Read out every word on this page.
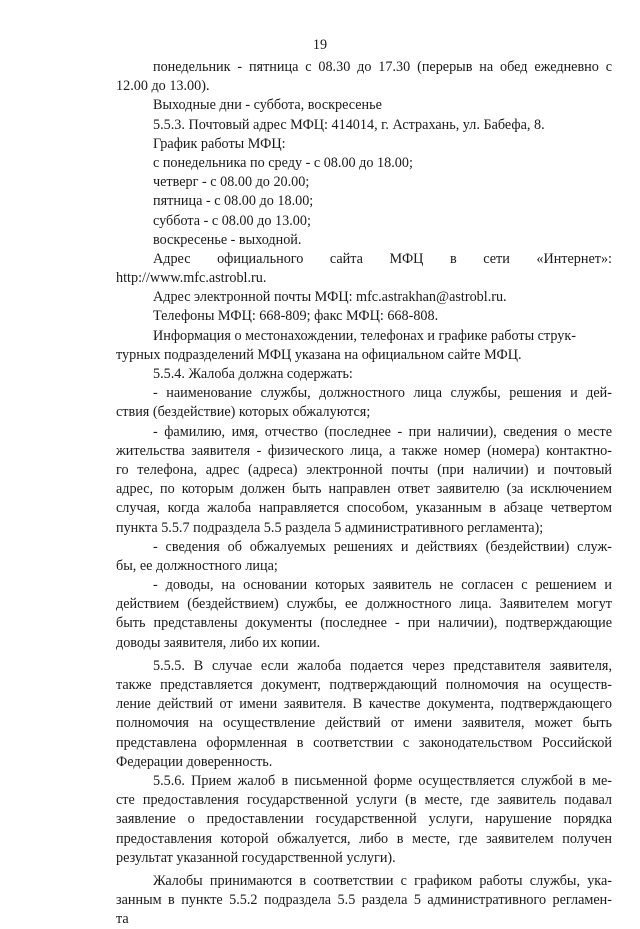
19
понедельник - пятница с 08.30 до 17.30 (перерыв на обед ежедневно с
12.00 до 13.00).
Выходные дни - суббота, воскресенье
5.5.3. Почтовый адрес МФЦ: 414014, г. Астрахань, ул. Бабефа, 8.
График работы МФЦ:
с понедельника по среду - с 08.00 до 18.00;
четверг - с 08.00 до 20.00;
пятница - с 08.00 до 18.00;
суббота - с 08.00 до 13.00;
воскресенье - выходной.
Адрес официального сайта МФЦ в сети «Интернет»:
http://www.mfc.astrobl.ru.
Адрес электронной почты МФЦ: mfc.astrakhan@astrobl.ru.
Телефоны МФЦ: 668-809; факс МФЦ: 668-808.
Информация о местонахождении, телефонах и графике работы струк-
турных подразделений МФЦ указана на официальном сайте МФЦ.
5.5.4. Жалоба должна содержать:
- наименование службы, должностного лица службы, решения и дей-
ствия (бездействие) которых обжалуются;
- фамилию, имя, отчество (последнее - при наличии), сведения о месте
жительства заявителя - физического лица, а также номер (номера) контактно-
го телефона, адрес (адреса) электронной почты (при наличии) и почтовый
адрес, по которым должен быть направлен ответ заявителю (за исключением
случая, когда жалоба направляется способом, указанным в абзаце четвертом
пункта 5.5.7 подраздела 5.5 раздела 5 административного регламента);
- сведения об обжалуемых решениях и действиях (бездействии) служ-
бы, ее должностного лица;
- доводы, на основании которых заявитель не согласен с решением и
действием (бездействием) службы, ее должностного лица. Заявителем могут
быть представлены документы (последнее - при наличии), подтверждающие
доводы заявителя, либо их копии.
5.5.5. В случае если жалоба подается через представителя заявителя,
также представляется документ, подтверждающий полномочия на осуществ-
ление действий от имени заявителя. В качестве документа, подтверждающего
полномочия на осуществление действий от имени заявителя, может быть
представлена оформленная в соответствии с законодательством Российской
Федерации доверенность.
5.5.6. Прием жалоб в письменной форме осуществляется службой в ме-
сте предоставления государственной услуги (в месте, где заявитель подавал
заявление о предоставлении государственной услуги, нарушение порядка
предоставления которой обжалуется, либо в месте, где заявителем получен
результат указанной государственной услуги).
Жалобы принимаются в соответствии с графиком работы службы, ука-
занным в пункте 5.5.2 подраздела 5.5 раздела 5 административного регламен-
та
